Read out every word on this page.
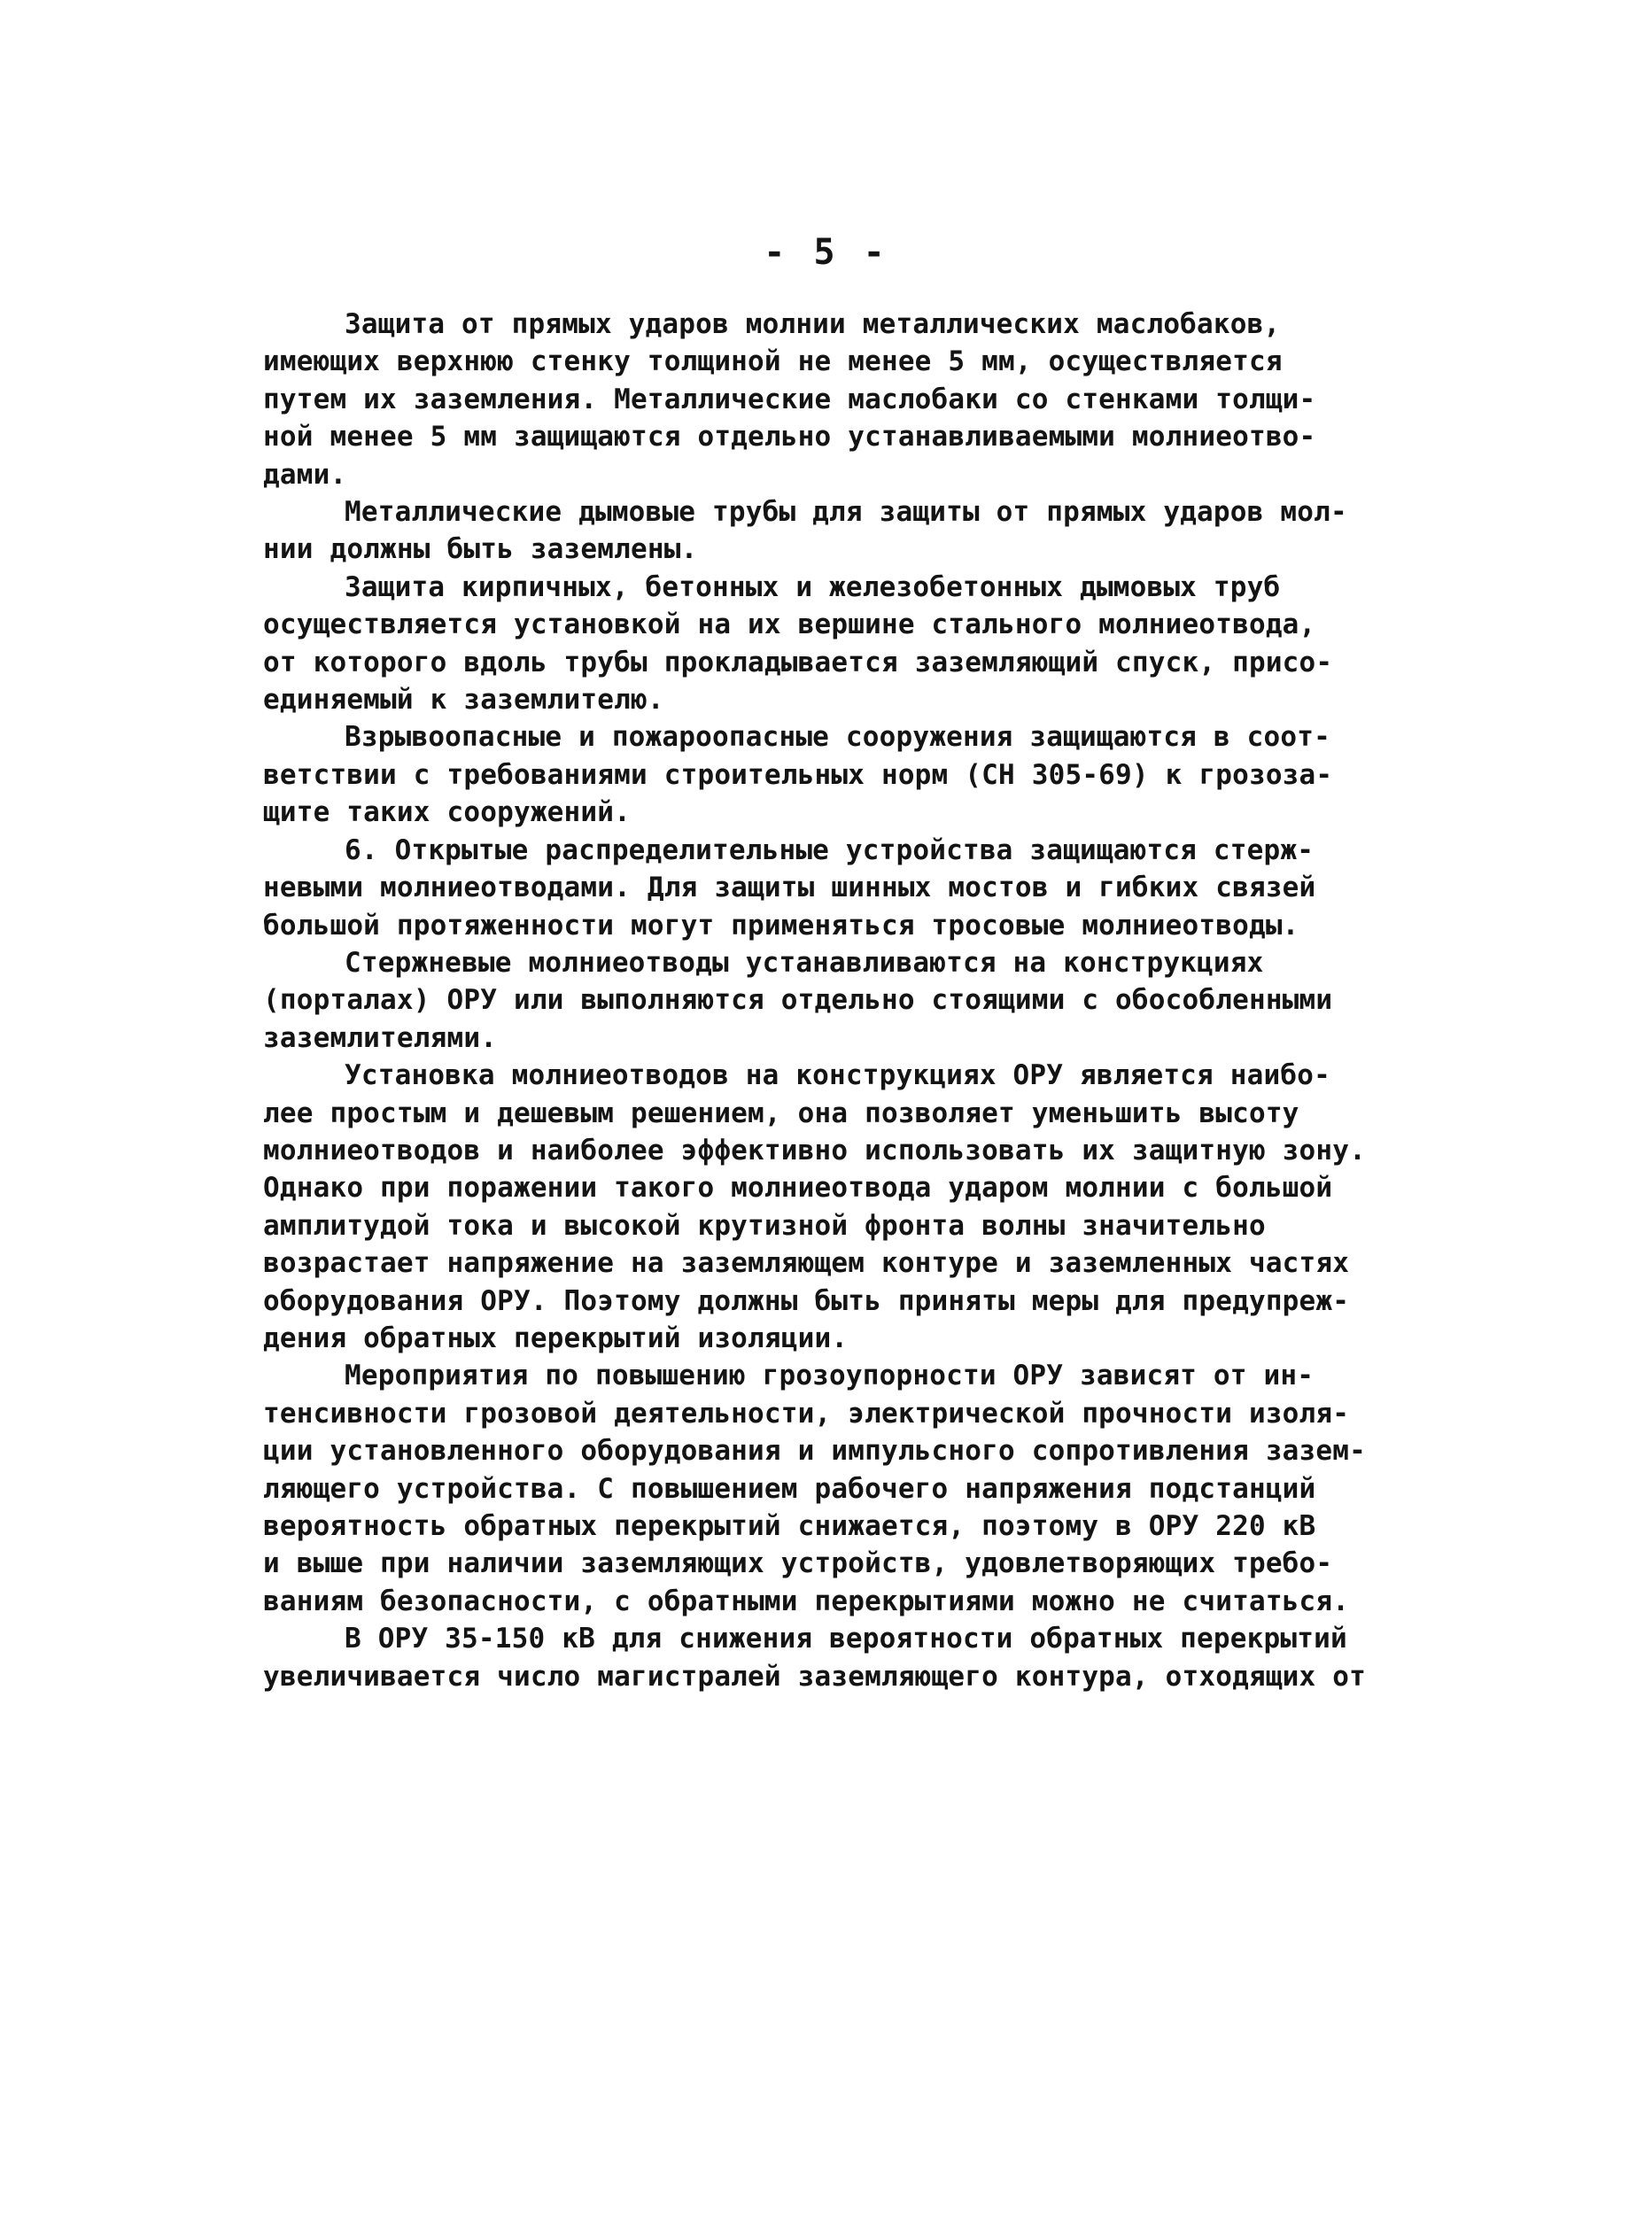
- 5 -
Защита от прямых ударов молнии металлических маслобаков,
имеющих верхнюю стенку толщиной не менее 5 мм, осуществляется
путем их заземления. Металлические маслобаки со стенками толщи-
ной менее 5 мм защищаются отдельно устанавливаемыми молниеотво-
дами.
Металлические дымовые трубы для защиты от прямых ударов мол-
нии должны быть заземлены.
Защита кирпичных, бетонных и железобетонных дымовых труб
осуществляется установкой на их вершине стального молниеотвода,
от которого вдоль трубы прокладывается заземляющий спуск, присо-
единяемый к заземлителю.
Взрывоопасные и пожароопасные сооружения защищаются в соот-
ветствии с требованиями строительных норм (СН 305-69) к грозоза-
щите таких сооружений.
6. Открытые распределительные устройства защищаются стерж-
невыми молниеотводами. Для защиты шинных мостов и гибких связей
большой протяженности могут применяться тросовые молниеотводы.
Стержневые молниеотводы устанавливаются на конструкциях
(порталах) ОРУ или выполняются отдельно стоящими с обособленными
заземлителями.
Установка молниеотводов на конструкциях ОРУ является наибо-
лее простым и дешевым решением, она позволяет уменьшить высоту
молниеотводов и наиболее эффективно использовать их защитную зону.
Однако при поражении такого молниеотвода ударом молнии с большой
амплитудой тока и высокой крутизной фронта волны значительно
возрастает напряжение на заземляющем контуре и заземленных частях
оборудования ОРУ. Поэтому должны быть приняты меры для предупреж-
дения обратных перекрытий изоляции.
Мероприятия по повышению грозоупорности ОРУ зависят от ин-
тенсивности грозовой деятельности, электрической прочности изоля-
ции установленного оборудования и импульсного сопротивления зазем-
ляющего устройства. С повышением рабочего напряжения подстанций
вероятность обратных перекрытий снижается, поэтому в ОРУ 220 кВ
и выше при наличии заземляющих устройств, удовлетворяющих требо-
ваниям безопасности, с обратными перекрытиями можно не считаться.
В ОРУ 35-150 кВ для снижения вероятности обратных перекрытий
увеличивается число магистралей заземляющего контура, отходящих от
